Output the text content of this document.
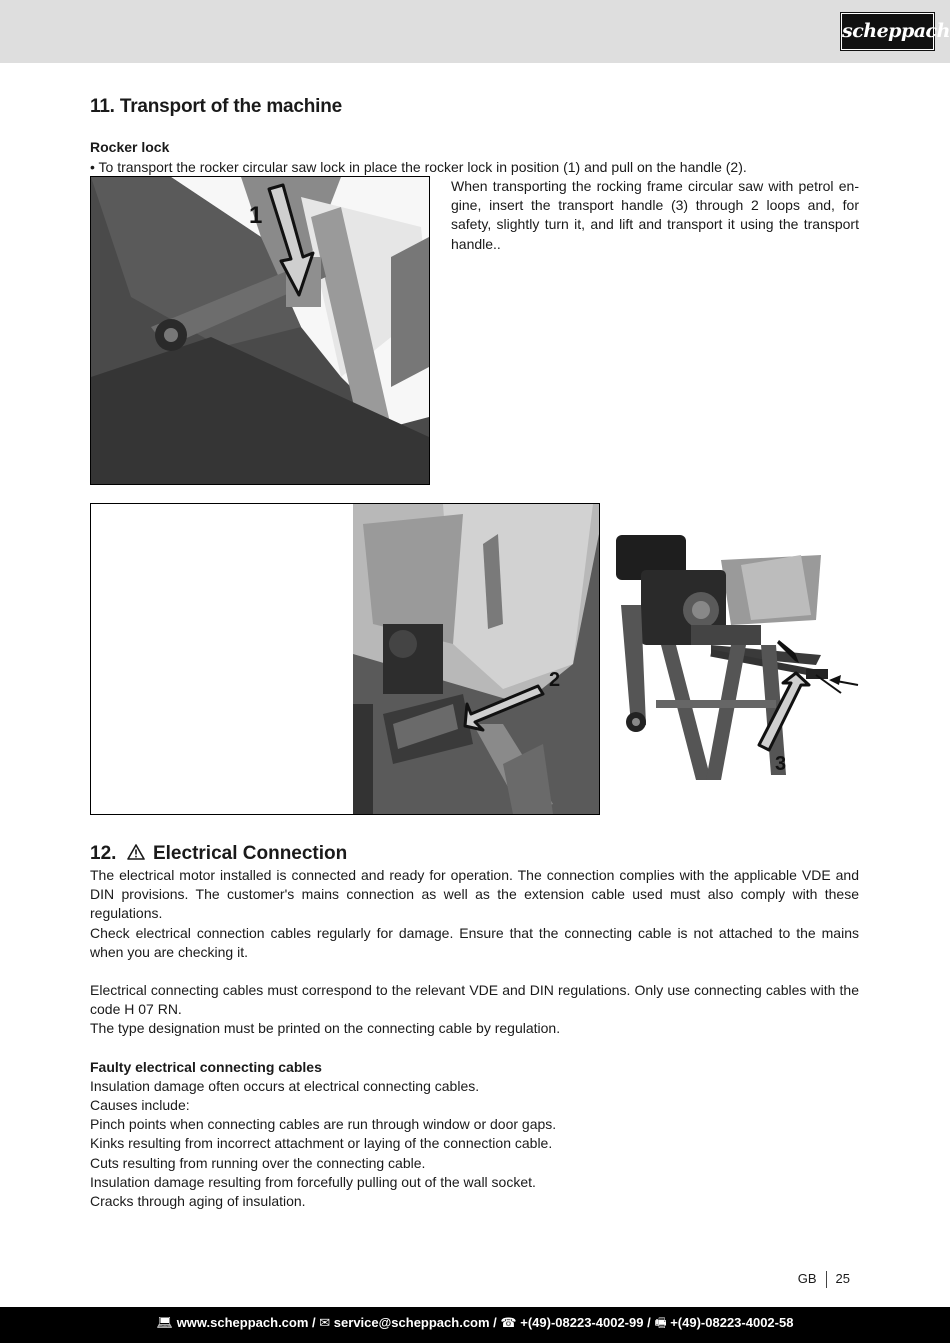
scheppach
11. Transport of the machine
Rocker lock
• To transport the rocker circular saw lock in place the rocker lock in position (1) and pull on the handle (2).
1
When transporting the rocking frame circular saw with petrol en-gine, insert the transport handle (3) through 2 loops and, for safety, slightly turn it, and lift and transport it using the transport handle..
2
3
12. Electrical Connection

The electrical motor installed is connected and ready for operation. The connection complies with the applicable VDE and DIN provisions. The customer's mains connection as well as the extension cable used must also comply with these regulations.

Check electrical connection cables regularly for damage. Ensure that the connecting cable is not attached to the mains when you are checking it.

Electrical connecting cables must correspond to the relevant VDE and DIN regulations. Only use connecting cables with the code H 07 RN.

The type designation must be printed on the connecting cable by regulation.

Faulty electrical connecting cables

Insulation damage often occurs at electrical connecting cables.

Causes include:

Pinch points when connecting cables are run through window or door gaps.

Kinks resulting from incorrect attachment or laying of the connection cable.

Cuts resulting from running over the connecting cable.

Insulation damage resulting from forcefully pulling out of the wall socket.

Cracks through aging of insulation.

GB 25
💻︎ www.scheppach.com / ✉︎ service@scheppach.com / ☎︎ +(49)-08223-4002-99 / 🖷︎ +(49)-08223-4002-58
